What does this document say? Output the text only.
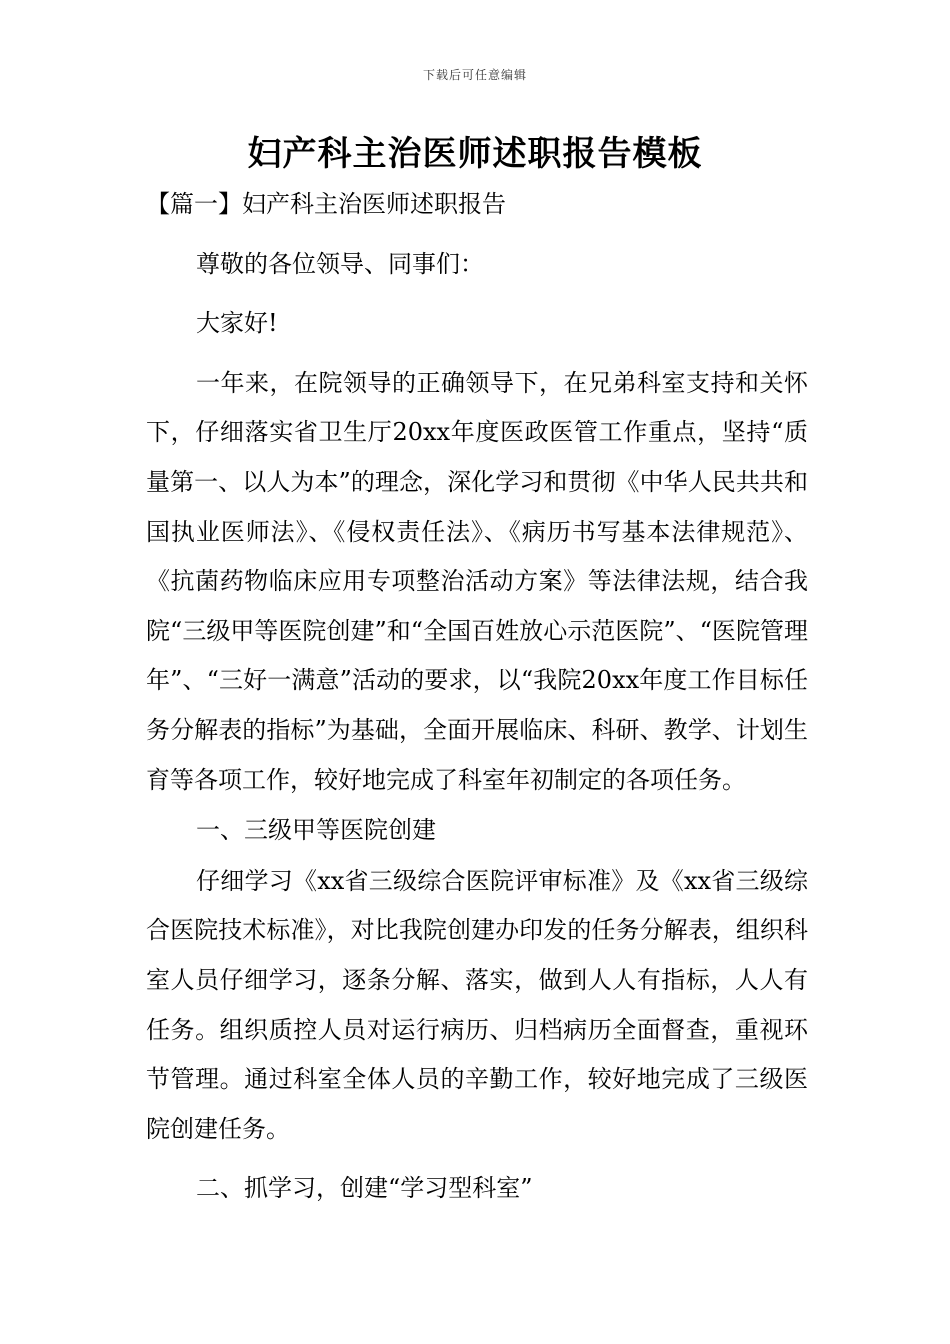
下载后可任意编辑
妇产科主治医师述职报告模板

【篇一】妇产科主治医师述职报告

尊敬的各位领导、同事们：

大家好!

一年来，在院领导的正确领导下，在兄弟科室支持和关怀下，仔细落实省卫生厅20xx年度医政医管工作重点，坚持“质量第一、以人为本”的理念，深化学习和贯彻《中华人民共共和国执业医师法》、《侵权责任法》、《病历书写基本法律规范》、《抗菌药物临床应用专项整治活动方案》等法律法规，结合我院“三级甲等医院创建”和“全国百姓放心示范医院”、“医院管理年”、“三好一满意”活动的要求，以“我院20xx年度工作目标任务分解表的指标”为基础，全面开展临床、科研、教学、计划生育等各项工作，较好地完成了科室年初制定的各项任务。

一、三级甲等医院创建

仔细学习《xx省三级综合医院评审标准》及《xx省三级综合医院技术标准》，对比我院创建办印发的任务分解表，组织科室人员仔细学习，逐条分解、落实，做到人人有指标，人人有任务。组织质控人员对运行病历、归档病历全面督查，重视环节管理。通过科室全体人员的辛勤工作，较好地完成了三级医院创建任务。

二、抓学习，创建“学习型科室”
